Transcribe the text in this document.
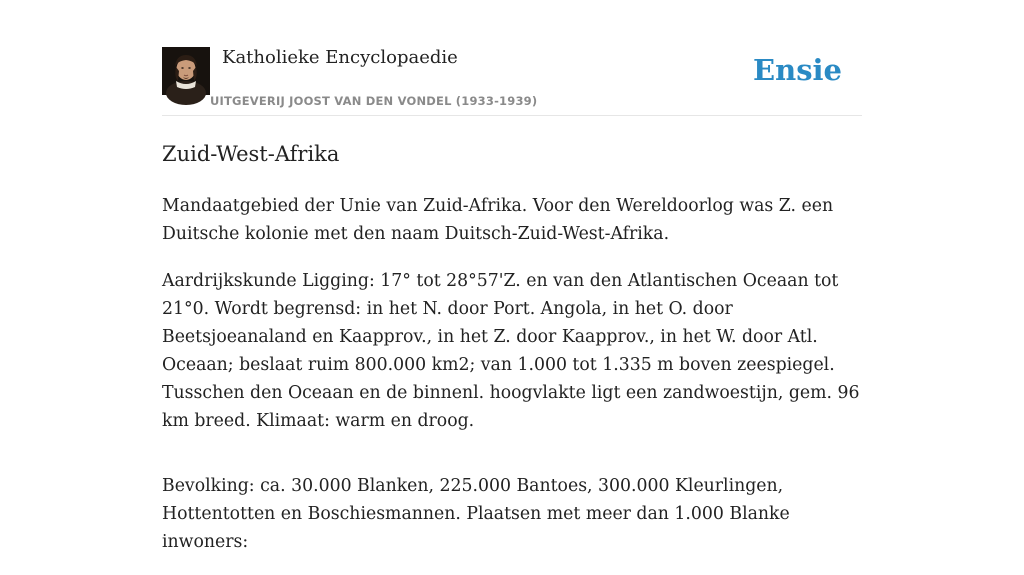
Katholieke Encyclopaedie
UITGEVERIJ JOOST VAN DEN VONDEL (1933-1939)
Ensie
Zuid-West-Afrika

Mandaatgebied der Unie van Zuid-Afrika. Voor den Wereldoorlog was Z. een Duitsche kolonie met den naam Duitsch-Zuid-West-Afrika.

Aardrijkskunde Ligging: 17° tot 28°57'Z. en van den Atlantischen Oceaan tot 21°0. Wordt begrensd: in het N. door Port. Angola, in het O. door Beetsjoeanaland en Kaapprov., in het Z. door Kaapprov., in het W. door Atl. Oceaan; beslaat ruim 800.000 km2; van 1.000 tot 1.335 m boven zeespiegel. Tusschen den Oceaan en de binnenl. hoogvlakte ligt een zandwoestijn, gem. 96 km breed. Klimaat: warm en droog.

Bevolking: ca. 30.000 Blanken, 225.000 Bantoes, 300.000 Kleurlingen, Hottentotten en Boschiesmannen. Plaatsen met meer dan 1.000 Blanke inwoners:
